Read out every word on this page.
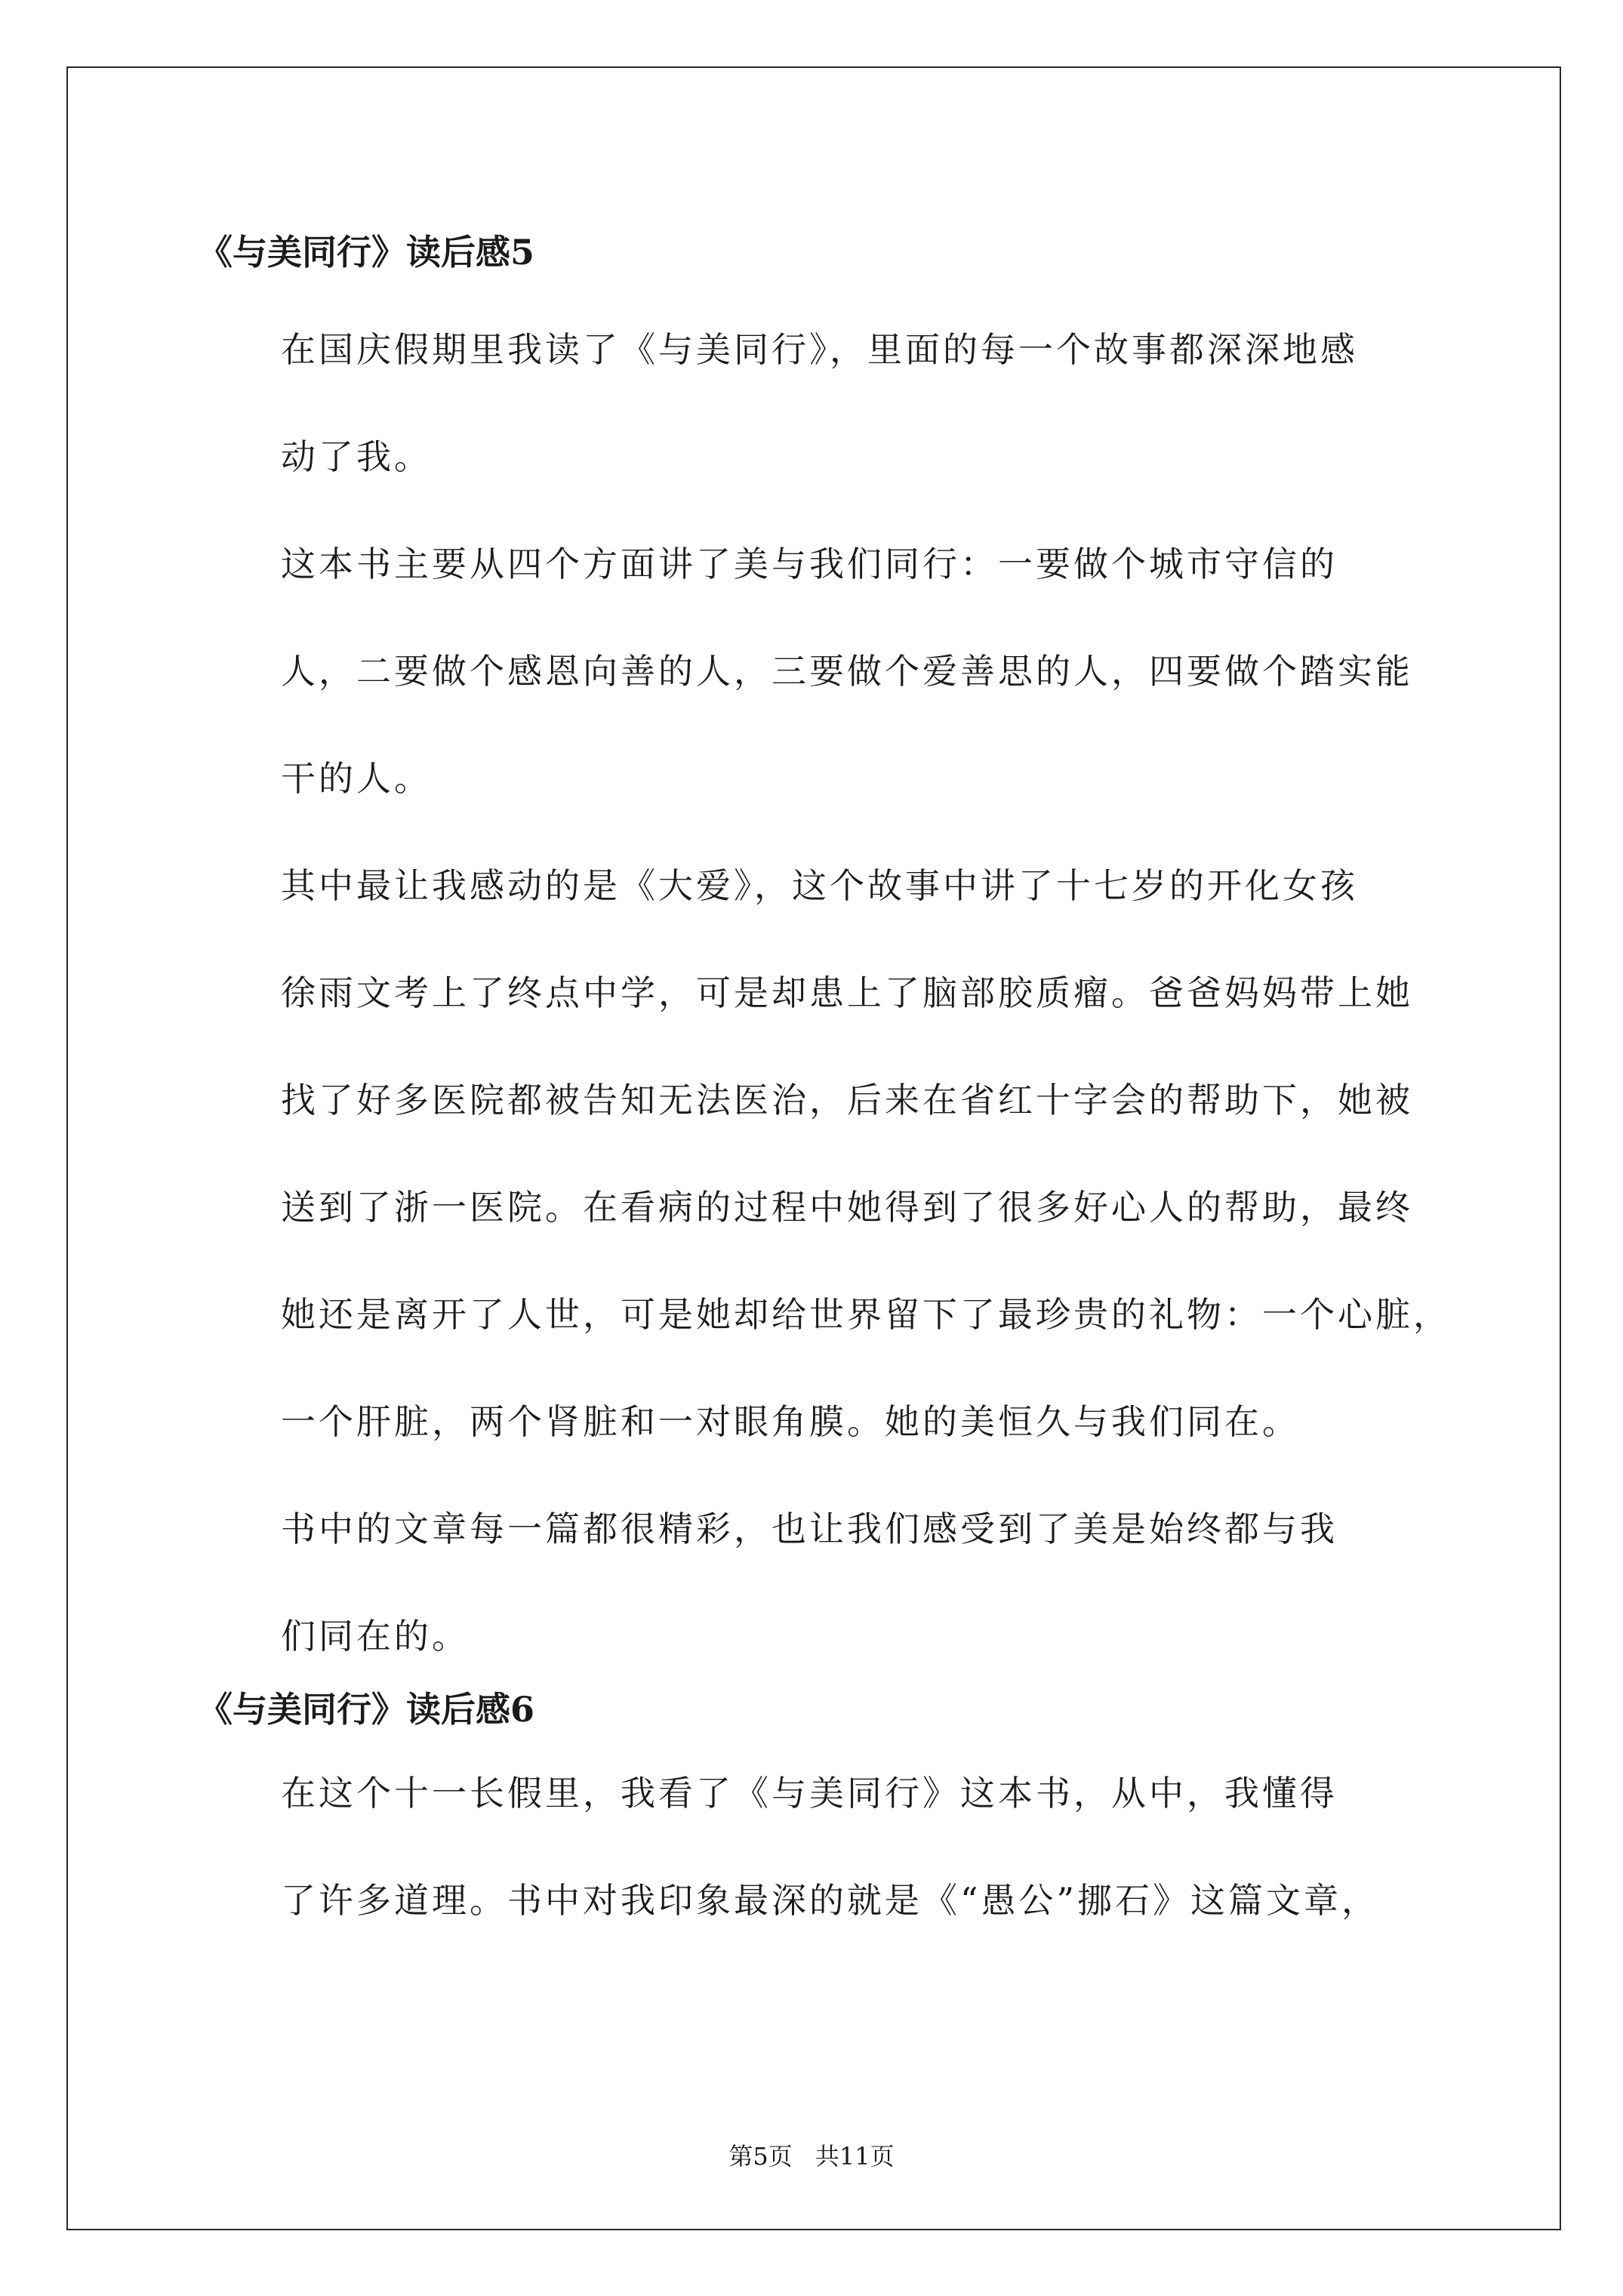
《与美同行》读后感5

在国庆假期里我读了《与美同行》，里面的每一个故事都深深地感
动了我。

这本书主要从四个方面讲了美与我们同行：一要做个城市守信的
人，二要做个感恩向善的人，三要做个爱善思的人，四要做个踏实能
干的人。

其中最让我感动的是《大爱》，这个故事中讲了十七岁的开化女孩
徐雨文考上了终点中学，可是却患上了脑部胶质瘤。爸爸妈妈带上她
找了好多医院都被告知无法医治，后来在省红十字会的帮助下，她被
送到了浙一医院。在看病的过程中她得到了很多好心人的帮助，最终
她还是离开了人世，可是她却给世界留下了最珍贵的礼物：一个心脏，
一个肝脏，两个肾脏和一对眼角膜。她的美恒久与我们同在。

书中的文章每一篇都很精彩，也让我们感受到了美是始终都与我
们同在的。

《与美同行》读后感6

在这个十一长假里，我看了《与美同行》这本书，从中，我懂得
了许多道理。书中对我印象最深的就是《“愚公”挪石》这篇文章，

第5页 共11页
